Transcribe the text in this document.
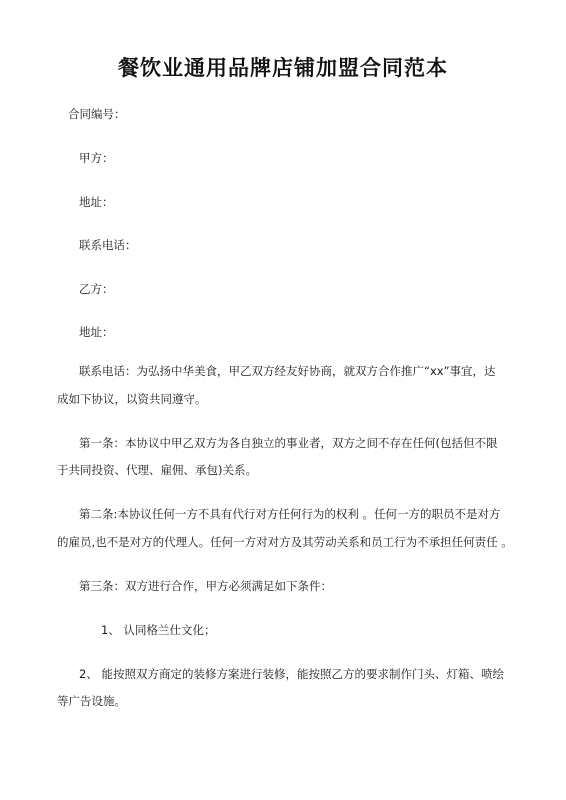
餐饮业通用品牌店铺加盟合同范本
合同编号：
甲方：
地址：
联系电话：
乙方：
地址：
联系电话：为弘扬中华美食，甲乙双方经友好协商，就双方合作推广“xx”事宜，达
成如下协议，以资共同遵守。
第一条：本协议中甲乙双方为各自独立的事业者，双方之间不存在任何(包括但不限
于共同投资、代理、雇佣、承包)关系。
第二条:本协议任何一方不具有代行对方任何行为的权利 。任何一方的职员不是对方
的雇员,也不是对方的代理人。任何一方对对方及其劳动关系和员工行为不承担任何责任 。
第三条：双方进行合作，甲方必须满足如下条件：
1、 认同格兰仕文化；
2、 能按照双方商定的装修方案进行装修，能按照乙方的要求制作门头、灯箱、喷绘
等广告设施。
